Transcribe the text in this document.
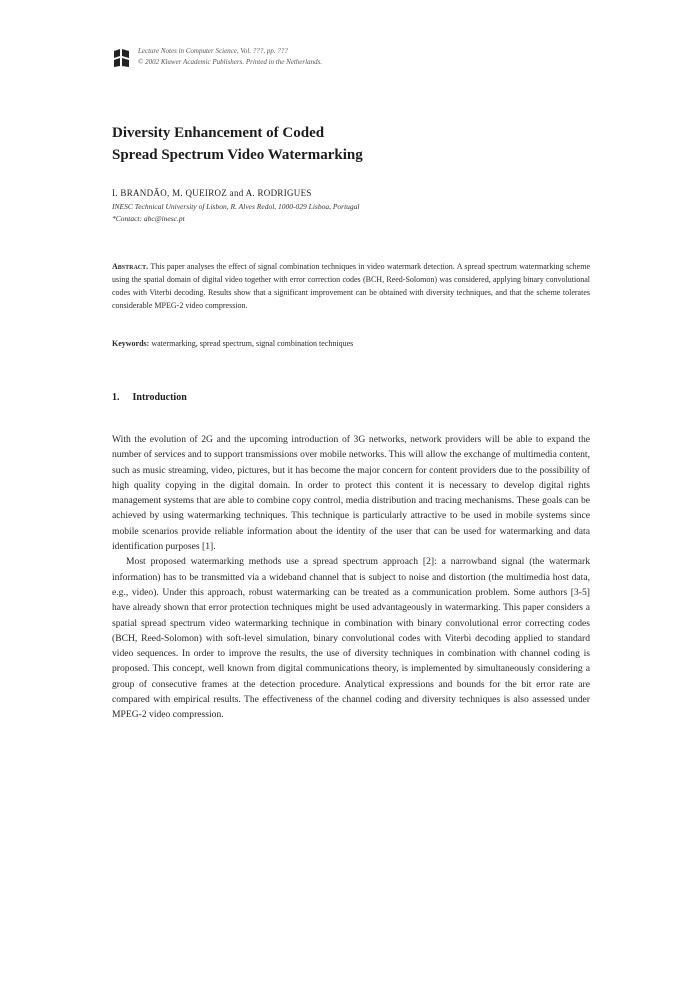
Lecture Notes in Computer Science, Vol. ???, pp. ???
© 2002 Kluwer Academic Publishers. Printed in the Netherlands.
Diversity Enhancement of Coded
Spread Spectrum Video Watermarking
I. BRANDÃO, M. QUEIROZ and A. RODRIGUES
INESC Technical University of Lisbon, R. Alves Redol, 1000-029 Lisboa, Portugal
*Contact: abc@inesc.pt
Abstract. This paper analyses the effect of signal combination techniques in video watermark detection. A spread spectrum watermarking scheme using the spatial domain of digital video together with error correction codes (BCH, Reed-Solomon) was considered, applying binary convolutional codes with Viterbi decoding. Results show that a significant improvement can be obtained with diversity techniques, and that the scheme tolerates considerable MPEG-2 video compression.
Keywords: watermarking, spread spectrum, signal combination techniques
1. Introduction

With the evolution of 2G and the upcoming introduction of 3G networks, network providers will be able to expand the number of services and to support transmissions over mobile networks. This will allow the exchange of multimedia content, such as music streaming, video, pictures, but it has become the major concern for content providers due to the possibility of high quality copying in the digital domain. In order to protect this content it is necessary to develop digital rights management systems that are able to combine copy control, media distribution and tracing mechanisms. These goals can be achieved by using watermarking techniques. This technique is particularly attractive to be used in mobile systems since mobile scenarios provide reliable information about the identity of the user that can be used for watermarking and data identification purposes [1].

Most proposed watermarking methods use a spread spectrum approach [2]: a narrowband signal (the watermark information) has to be transmitted via a wideband channel that is subject to noise and distortion (the multimedia host data, e.g., video). Under this approach, robust watermarking can be treated as a communication problem. Some authors [3-5] have already shown that error protection techniques might be used advantageously in watermarking. This paper considers a spatial spread spectrum video watermarking technique in combination with binary convolutional error correcting codes (BCH, Reed-Solomon) with soft-level simulation, binary convolutional codes with Viterbi decoding applied to standard video sequences. In order to improve the results, the use of diversity techniques in combination with channel coding is proposed. This concept, well known from digital communications theory, is implemented by simultaneously considering a group of consecutive frames at the detection procedure. Analytical expressions and bounds for the bit error rate are compared with empirical results. The effectiveness of the channel coding and diversity techniques is also assessed under MPEG-2 video compression.
